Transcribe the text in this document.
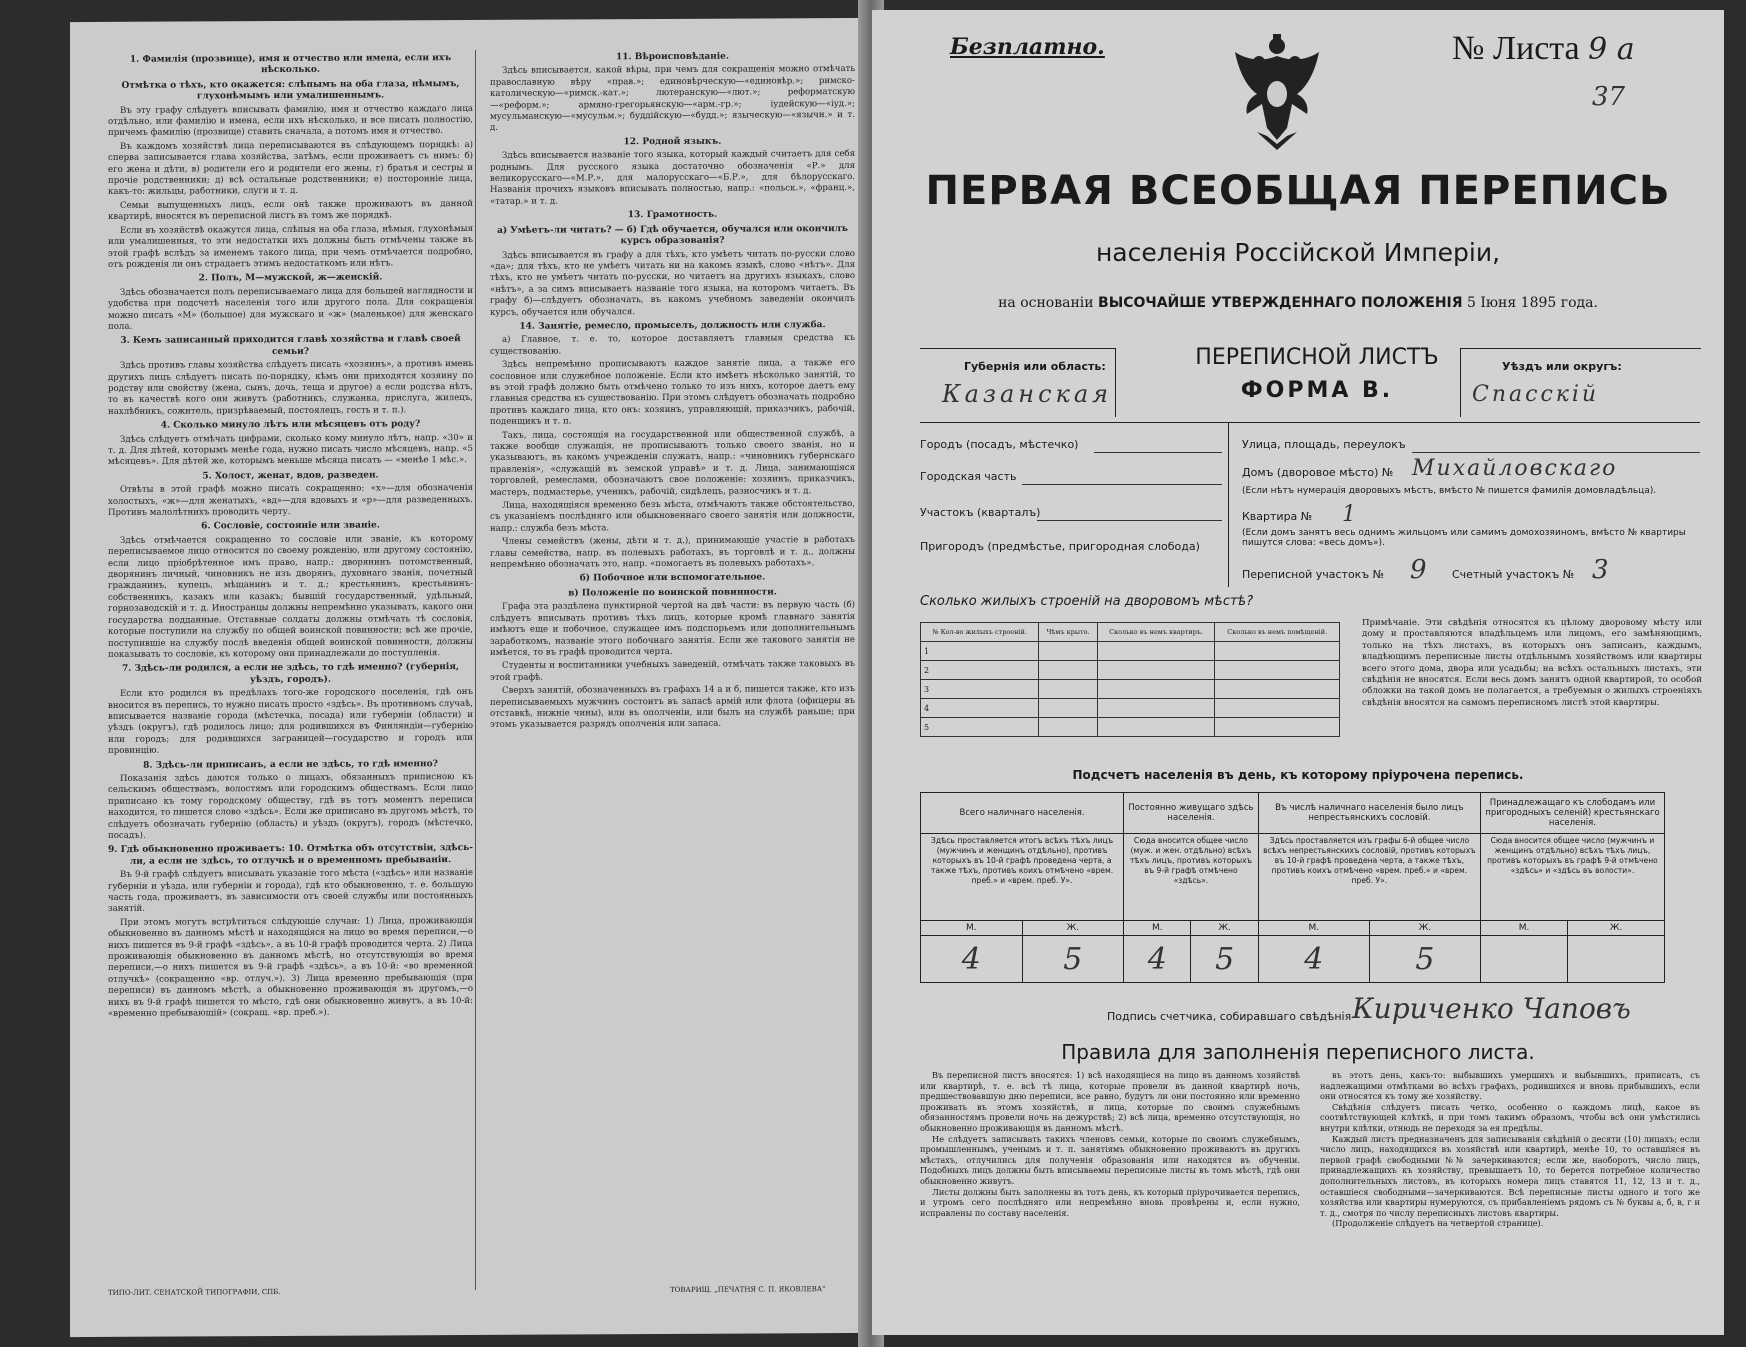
1. Фамилія (прозвище), имя и отчество или имена, если ихъ нѣсколько.

Отмѣтка о тѣхъ, кто окажется: слѣпымъ на оба глаза, нѣмымъ, глухонѣмымъ или умалишеннымъ.

Въ эту графу слѣдуетъ вписывать фамилію, имя и отчество каждаго лица отдѣльно, или фамилію и имена, если ихъ нѣсколько, и все писать полностію, причемъ фамилію (прозвище) ставить сначала, а потомъ имя и отчество.

Въ каждомъ хозяйствѣ лица переписываются въ слѣдующемъ порядкѣ: а) сперва записывается глава хозяйства, затѣмъ, если проживаетъ съ нимъ: б) его жена и дѣти, в) родители его и родители его жены, г) братья и сестры и прочіе родственники; д) всѣ остальные родственники; е) посторонніе лица, какъ-то: жильцы, работники, слуги и т. д.

Семьи выпущенныхъ лицъ, если онѣ также проживаютъ въ данной квартирѣ, вносятся въ переписной листъ въ томъ же порядкѣ.

Если въ хозяйствѣ окажутся лица, слѣпыя на оба глаза, нѣмыя, глухонѣмыя или умалишенныя, то эти недостатки ихъ должны быть отмѣчены также въ этой графѣ вслѣдъ за именемъ такого лица, при чемъ отмѣчается подробно, отъ рожденія ли онъ страдаетъ этимъ недостаткомъ или нѣтъ.

2. Полъ, М—мужской, ж—женскій.

Здѣсь обозначается полъ переписываемаго лица для большей наглядности и удобства при подсчетѣ населенія того или другого пола. Для сокращенія можно писать «М» (большое) для мужскаго и «ж» (маленькое) для женскаго пола.

3. Кемъ записанный приходится главѣ хозяйства и главѣ своей семьи?

Здѣсь противъ главы хозяйства слѣдуетъ писать «хозяинъ», а противъ имень другихъ лицъ слѣдуетъ писать по-порядку, кѣмъ они приходятся хозяину по родству или свойству (жена, сынъ, дочь, теща и другое) а если родства нѣтъ, то въ качествѣ кого они живутъ (работникъ, служанка, прислуга, жилецъ, нахлѣбникъ, сожитель, призрѣваемый, постоялецъ, гость и т. п.).

4. Сколько минуло лѣтъ или мѣсяцевъ отъ роду?

Здѣсь слѣдуетъ отмѣчать цифрами, сколько кому минуло лѣтъ, напр. «30» и т. д. Для дѣтей, которымъ менѣе года, нужно писать число мѣсяцевъ, напр. «5 мѣсяцевъ». Для дѣтей же, которымъ меньше мѣсяца писать — «менѣе 1 мѣс.».

5. Холост, женат, вдов, разведен.

Отвѣты в этой графѣ можно писать сокращенно: «х»—для обозначенія холостыхъ, «ж»—для женатыхъ, «вд»—для вдовыхъ и «р»—для разведенныхъ. Противъ малолѣтнихъ проводить черту.

6. Сословіе, состояніе или званіе.

Здѣсь отмѣчается сокращенно то сословіе или званіе, къ которому переписываемое лицо относится по своему рожденію, или другому состоянію, если лицо пріобрѣтенное имъ право, напр.: дворянинъ потомственный, дворянинъ личный, чиновникъ не изъ дворянъ, духовнаго званія, почетный гражданинъ, купецъ, мѣщанинъ и т. д.; крестьянинъ, крестьянинъ-собственникъ, казакъ или казакъ; бывшій государственный, удѣльный, горнозаводскій и т. д. Иностранцы должны непремѣнно указывать, какого они государства подданные. Отставные солдаты должны отмѣчать тѣ сословія, которые поступили на службу по общей воинской повинности; всѣ же прочіе, поступившіе на службу послѣ введенія общей воинской повинности, должны показывать то сословіе, къ которому они принадлежали до поступленія.

7. Здѣсь-ли родился, а если не здѣсь, то гдѣ именно? (губернія, уѣздъ, городъ).

Если кто родился въ предѣлахъ того-же городского поселенія, гдѣ онъ вносится въ перепись, то нужно писать просто «здѣсь». Въ противномъ случаѣ, вписывается названіе города (мѣстечка, посада) или губерніи (области) и уѣздъ (округъ), гдѣ родилось лицо; для родившихся въ Финляндіи—губернію или городъ; для родившихся заграницей—государство и городъ или провинцію.

8. Здѣсь-ли приписанъ, а если не здѣсь, то гдѣ именно?

Показанія здѣсь даются только о лицахъ, обязанныхъ приписною къ сельскимъ обществамъ, волостямъ или городскимъ обществамъ. Если лицо приписано къ тому городскому обществу, гдѣ въ тотъ моментъ переписи находится, то пишется слово «здѣсь». Если же приписано въ другомъ мѣстѣ, то слѣдуетъ обозначать губернію (область) и уѣздъ (округъ), городъ (мѣстечко, посадъ).

9. Гдѣ обыкновенно проживаетъ: 10. Отмѣтка объ отсутствіи, здѣсь-ли, а если не здѣсь, то отлучкѣ и о временномъ пребываніи.

Въ 9-й графѣ слѣдуетъ вписывать указаніе того мѣста («здѣсь» или названіе губерніи и уѣзда, или губерніи и города), гдѣ кто обыкновенно, т. е. большую часть года, проживаетъ, въ зависимости отъ своей службы или постоянныхъ занятій.

При этомъ могутъ встрѣтиться слѣдующіе случаи: 1) Лица, проживающія обыкновенно въ данномъ мѣстѣ и находящіяся на лицо во время переписи,—о нихъ пишется въ 9-й графѣ «здѣсь», а въ 10-й графѣ проводится черта. 2) Лица проживающія обыкновенно въ данномъ мѣстѣ, но отсутствующія во время переписи,—о нихъ пишется въ 9-й графѣ «здѣсь», а въ 10-й: «во временной отлучкѣ» (сокращенно «вр. отлуч.»). 3) Лица временно пребывающія (при переписи) въ данномъ мѣстѣ, а обыкновенно проживающія въ другомъ,—о нихъ въ 9-й графѣ пишется то мѣсто, гдѣ они обыкновенно живутъ, а въ 10-й: «временно пребывающій» (сокращ. «вр. преб.»).

11. Вѣроисповѣданіе.

Здѣсь вписывается, какой вѣры, при чемъ для сокращенія можно отмѣчать православную вѣру «прав.»; единовѣрческую—«единовѣр.»; римско-католическую—«римск.-кат.»; лютеранскую—«лют.»; реформатскую—«реформ.»; армяно-грегорьянскую—«арм.-гр.»; іудейскую—«іуд.»; мусульманскую—«мусульм.»; буддійскую—«будд.»; языческую—«язычн.» и т. д.

12. Родной языкъ.

Здѣсь вписывается названіе того языка, который каждый считаетъ для себя роднымъ. Для русского языка достаточно обозначенія «Р.» для великорусскаго—«М.Р.», для малорусскаго—«Б.Р.», для бѣлорусскаго. Названія прочихъ языковъ вписывать полностью, напр.: «польск.», «франц.», «татар.» и т. д.

13. Грамотность.

а) Умѣетъ-ли читать? — б) Гдѣ обучается, обучался или окончилъ курсъ образованія?

Здѣсь вписывается въ графу а для тѣхъ, кто умѣетъ читать по-русски слово «да»; для тѣхъ, кто не умѣетъ читать ни на какомъ языкѣ, слово «нѣтъ». Для тѣхъ, кто не умѣетъ читать по-русски, но читаетъ на другихъ языкахъ, слово «нѣтъ», а за симъ вписываетъ названіе того языка, на которомъ читаетъ. Въ графу б)—слѣдуетъ обозначать, въ какомъ учебномъ заведеніи окончилъ курсъ, обучается или обучался.

14. Занятіе, ремесло, промыселъ, должность или служба.

а) Главное, т. е. то, которое доставляетъ главныя средства къ существованію.

Здѣсь непремѣнно прописываютъ каждое занятіе лица, а также его сословное или служебное положеніе. Если кто имѣетъ нѣсколько занятій, то въ этой графѣ должно быть отмѣчено только то изъ нихъ, которое даетъ ему главныя средства къ существованію. При этомъ слѣдуетъ обозначать подробно противъ каждаго лица, кто онъ: хозяинъ, управляющій, приказчикъ, рабочій, поденщикъ и т. п.

Такъ, лица, состоящія на государственной или общественной службѣ, а также вообще служащія, не прописываютъ только своего званія, но и указываютъ, въ какомъ учрежденіи служатъ, напр.: «чиновникъ губернскаго правленія», «служащій въ земской управѣ» и т. д. Лица, занимающіяся торговлей, ремеслами, обозначаютъ свое положеніе: хозяинъ, приказчикъ, мастеръ, подмастерье, ученикъ, рабочій, сидѣлецъ, разносчикъ и т. д.

Лица, находящіяся временно безъ мѣста, отмѣчаютъ также обстоятельство, съ указаніемъ послѣдняго или обыкновеннаго своего занятія или должности, напр.: служба безъ мѣста.

Члены семействъ (жены, дѣти и т. д.), принимающіе участіе в работахъ главы семейства, напр. въ полевыхъ работахъ, въ торговлѣ и т. д., должны непремѣнно обозначать это, напр. «помогаетъ въ полевыхъ работахъ».

б) Побочное или вспомогательное.

в) Положеніе по воинской повинности.

Графа эта раздѣлена пунктирной чертой на двѣ части: въ первую часть (б) слѣдуетъ вписывать противъ тѣхъ лицъ, которые кромѣ главнаго занятія имѣютъ еще и побочное, служащее имъ подспорьемъ или дополнительнымъ заработкомъ, названіе этого побочнаго занятія. Если же такового занятія не имѣется, то въ графѣ проводится черта.

Студенты и воспитанники учебныхъ заведеній, отмѣчать также таковыхъ въ этой графѣ.

Сверхъ занятій, обозначенныхъ въ графахъ 14 а и б, пишется также, кто изъ переписываемыхъ мужчинъ состоитъ въ запасѣ армій или флота (офицеры въ отставкѣ, нижніе чины), или въ ополченіи, или былъ на службѣ раньше; при этомъ указывается разрядъ ополченія или запаса.

ТИПО-ЛИТ. СЕНАТСКОЙ ТИПОГРАФІИ, СПБ.	ТОВАРИЩ. „ПЕЧАТНЯ С. П. ЯКОВЛЕВА“
Безплатно.	№ Листа 9 а
37
ПЕРВАЯ ВСЕОБЩАЯ ПЕРЕПИСЬ
населенія Россійской Имперіи,
на основаніи ВЫСОЧАЙШЕ УТВЕРЖДЕННАГО ПОЛОЖЕНІЯ 5 Іюня 1895 года.
Губернія или область:
Казанская
ПЕРЕПИСНОЙ ЛИСТЪ
ФОРМА В.
Уѣздъ или округъ:
Спасскій
Городъ (посадъ, мѣстечко)
Городская часть
Участокъ (кварталъ)
Пригородъ (предмѣстье, пригородная слобода)
Улица, площадь, переулокъ
Домъ (дворовое мѣсто) № Михайловскаго
(Если нѣтъ нумерація дворовыхъ мѣстъ, вмѣсто № пишется фамилія домовладѣльца).
Квартира № 1
(Если домъ занятъ весь однимъ жильцомъ или самимъ домохозяиномъ, вмѣсто № квартиры пишутся слова: «весь домъ»).
Переписной участокъ № 9 Счетный участокъ № 3
Сколько жилыхъ строеній на дворовомъ мѣстѣ?
№ Кол-во жилыхъ строеній.	Чѣмъ крыто.	Сколько въ немъ квартиръ.	Сколько въ немъ помѣщеній.
1			
2			
3			
4			
5			
Примѣчаніе. Эти свѣдѣнія относятся къ цѣлому дворовому мѣсту или дому и проставляются владѣльцемъ или лицомъ, его замѣняющимъ, только на тѣхъ листахъ, въ которыхъ онъ записанъ, каждымъ, владѣющимъ переписные листы отдѣльнымъ хозяйствомъ или квартиры всего этого дома, двора или усадьбы; на всѣхъ остальныхъ листахъ, эти свѣдѣнія не вносятся. Если весь домъ занятъ одной квартирой, то особой обложки на такой домъ не полагается, а требуемыя о жилыхъ строеніяхъ свѣдѣнія вносятся на самомъ переписномъ листѣ этой квартиры.
Подсчетъ населенія въ день, къ которому пріурочена перепись.
Всего наличнаго населенія.		Постоянно живущаго здѣсь населенія.		Въ числѣ наличнаго населенія было лицъ непрестьянскихъ сословій.		Принадлежащаго къ слободамъ или пригородныхъ селеній) крестьянскаго населенія.	
Здѣсь проставляется итогъ всѣхъ тѣхъ лицъ (мужчинъ и женщинъ отдѣльно), противъ которыхъ въ 10-й графѣ проведена черта, а также тѣхъ, противъ коихъ отмѣчено «врем. преб.» и «врем. преб. У».		Сюда вносится общее число (муж. и жен. отдѣльно) всѣхъ тѣхъ лицъ, противъ которыхъ въ 9-й графѣ отмѣчено «здѣсь».		Здѣсь проставляется изъ графы 6-й общее число всѣхъ непрестьянскихъ сословій, противъ которыхъ въ 10-й графѣ проведена черта, а также тѣхъ, противъ коихъ отмѣчено «врем. преб.» и «врем. преб. У».		Сюда вносится общее число (мужчинъ и женщинъ отдѣльно) всѣхъ тѣхъ лицъ, противъ которыхъ въ графѣ 9-й отмѣчено «здѣсь» и «здѣсь въ волости».	
М.	Ж.	М.	Ж.	М.	Ж.	М.	Ж.
4	5	4	5	4	5		
Подпись счетчика, собиравшаго свѣдѣнія Кириченко Чаповъ
Правила для заполненія переписного листа.

Въ переписной листъ вносятся: 1) всѣ находящіеся на лицо въ данномъ хозяйствѣ или квартирѣ, т. е. всѣ тѣ лица, которые провели въ данной квартирѣ ночь, предшествовавшую дню переписи, все равно, будутъ ли они постоянно или временно проживать въ этомъ хозяйствѣ, и лица, которые по своимъ служебнымъ обязанностямъ провели ночь на дежурствѣ; 2) всѣ лица, временно отсутствующія, но обыкновенно проживающія въ данномъ мѣстѣ.

Не слѣдуетъ записывать такихъ членовъ семьи, которые по своимъ служебнымъ, промышленнымъ, ученымъ и т. п. занятіямъ обыкновенно проживаютъ въ другихъ мѣстахъ, отлучились для полученія образованія или находятся въ обученіи. Подобныхъ лицъ должны быть вписываемы переписные листы въ томъ мѣстѣ, гдѣ они обыкновенно живутъ.

Листы должны быть заполнены въ тотъ день, къ который пріурочивается перепись, и утромъ сего послѣдняго или непремѣнно вновь провѣрены и, если нужно, исправлены по составу населенія.

въ этотъ день, какъ-то: выбывшихъ умершихъ и выбывшихъ, приписать, съ надлежащими отмѣтками во всѣхъ графахъ, родившихся и вновь прибывшихъ, если они относятся къ тому же хозяйству.

Свѣдѣнія слѣдуетъ писать четко, особенно о каждомъ лицѣ, какое въ соотвѣтствующей клѣткѣ, и при томъ такимъ образомъ, чтобы всѣ они умѣстились внутри клѣтки, отнюдь не переходя за ея предѣлы.

Каждый листъ предназначенъ для записыванія свѣдѣній о десяти (10) лицахъ; если число лицъ, находящихся въ хозяйствѣ или квартирѣ, менѣе 10, то оставшіяся въ первой графѣ свободными №№ зачеркиваются; если же, наоборотъ, число лицъ, принадлежащихъ къ хозяйству, превышаетъ 10, то берется потребное количество дополнительныхъ листовъ, въ которыхъ номера лицъ ставятся 11, 12, 13 и т. д., оставшіеся свободными—зачеркиваются. Всѣ переписные листы одного и того же хозяйства или квартиры нумеруются, съ прибавленіемъ рядомъ съ № буквы а, б, в, г и т. д., смотря по числу переписныхъ листовъ квартиры.

(Продолженіе слѣдуетъ на четвертой странице).
